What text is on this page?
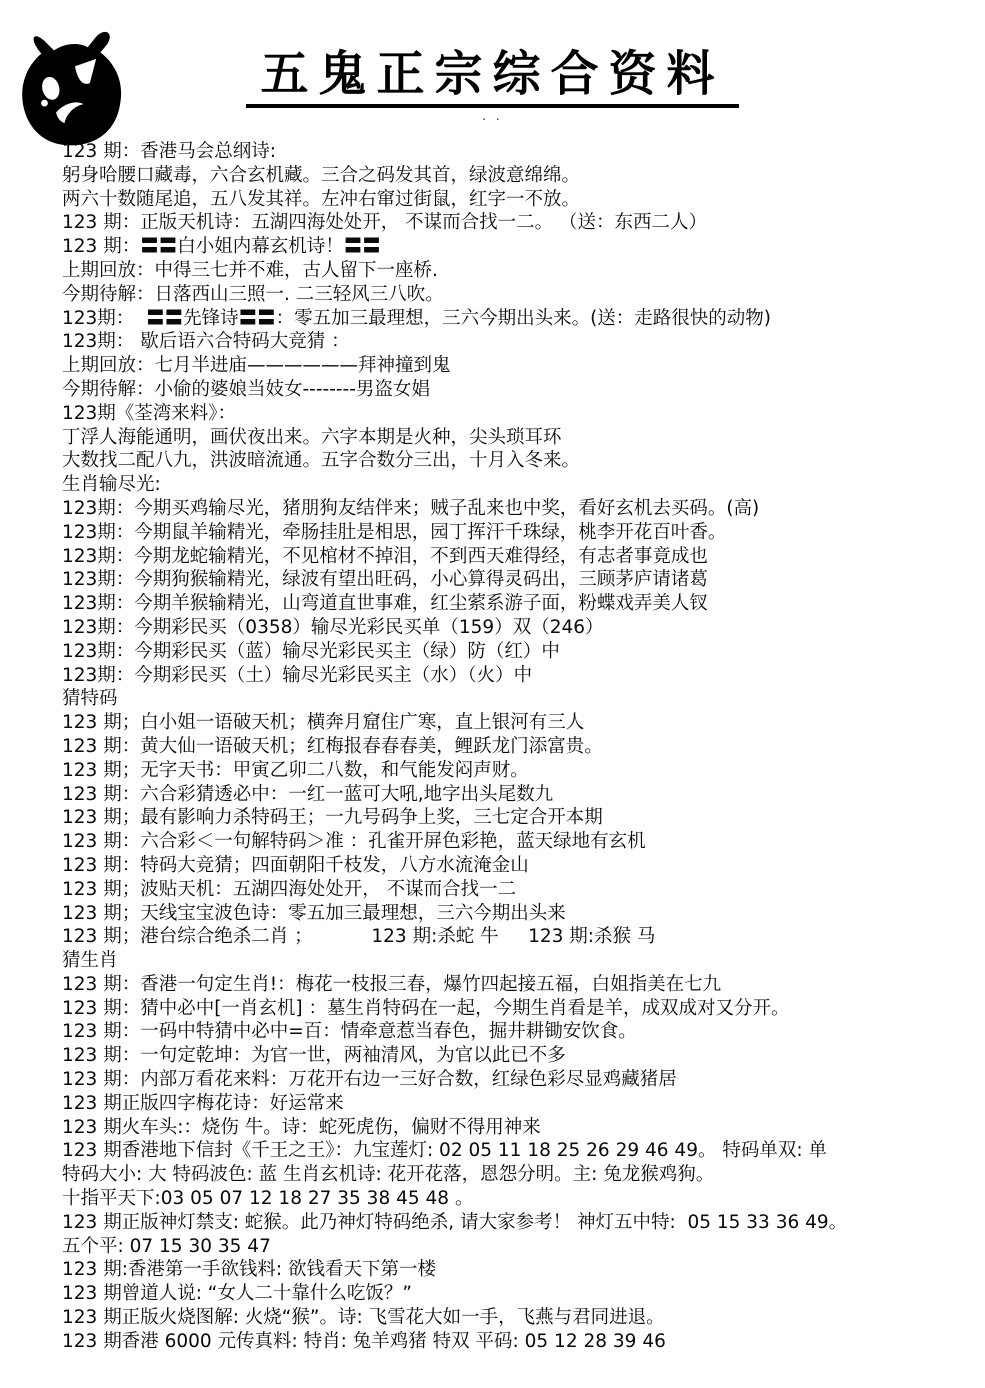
五鬼正宗综合资料
. .
123 期：香港马会总纲诗:
躬身哈腰口藏毒，六合玄机藏。三合之码发其首，绿波意绵绵。
两六十数随尾追，五八发其祥。左冲右窜过街鼠，红字一不放。
123 期：正版天机诗：五湖四海处处开， 不谋而合找一二。 （送：东西二人）
123 期：〓〓白小姐内幕玄机诗！〓〓
上期回放：中得三七并不难，古人留下一座桥.
今期待解：日落西山三照一. 二三轻风三八吹。
123期：  〓〓先锋诗〓〓：零五加三最理想，三六今期出头来。(送：走路很快的动物)
123期： 歇后语六合特码大竞猜 ：
上期回放：七月半进庙——————拜神撞到鬼
今期待解：小偷的婆娘当妓女--------男盗女娼
123期《荃湾来料》：
丁浮人海能通明，画伏夜出来。六字本期是火种，尖头琐耳环
大数找二配八九，洪波暗流通。五字合数分三出，十月入冬来。
生肖输尽光:
123期：今期买鸡输尽光，猪朋狗友结伴来；贼子乱来也中奖，看好玄机去买码。(高)
123期：今期鼠羊输精光，牵肠挂肚是相思，园丁挥汗千珠绿，桃李开花百叶香。
123期：今期龙蛇输精光，不见棺材不掉泪，不到西天难得经，有志者事竟成也
123期：今期狗猴输精光，绿波有望出旺码，小心算得灵码出，三顾茅庐请诸葛
123期：今期羊猴输精光，山弯道直世事难，红尘萦系游子面，粉蝶戏弄美人钗
123期：今期彩民买（0358）输尽光彩民买单（159）双（246）
123期：今期彩民买（蓝）输尽光彩民买主（绿）防（红）中
123期：今期彩民买（土）输尽光彩民买主（水）（火）中
猜特码
123 期；白小姐一语破天机；横奔月窟住广寒，直上银河有三人
123 期：黄大仙一语破天机；红梅报春春春美，鲤跃龙门添富贵。
123 期；无字天书：甲寅乙卯二八数，和气能发闷声财。
123 期：六合彩猜透必中：一红一蓝可大吼,地字出头尾数九
123 期；最有影响力杀特码王；一九号码争上奖，三七定合开本期
123 期：六合彩＜一句解特码＞准 ：孔雀开屏色彩艳，蓝天绿地有玄机
123 期：特码大竞猜；四面朝阳千枝发，八方水流淹金山
123 期；波贴天机：五湖四海处处开， 不谋而合找一二
123 期；天线宝宝波色诗：零五加三最理想，三六今期出头来
123 期；港台综合绝杀二肖 ；          123 期:杀蛇 牛     123 期:杀猴 马
猜生肖
123 期：香港一句定生肖!：梅花一枝报三春，爆竹四起接五福，白姐指美在七九
123 期：猜中必中[一肖玄机] ：墓生肖特码在一起，今期生肖看是羊，成双成对又分开。
123 期：一码中特猜中必中=百：情牵意惹当春色，掘井耕锄安饮食。
123 期：一句定乾坤：为官一世，两袖清风，为官以此已不多
123 期：内部万看花来料：万花开右边一三好合数，红绿色彩尽显鸡藏猪居
123 期正版四字梅花诗：好运常来
123 期火车头:：烧伤 牛。诗：蛇死虎伤，偏财不得用神来
123 期香港地下信封《千王之王》：九宝莲灯: 02 05 11 18 25 26 29 46 49。 特码单双: 单
特码大小: 大 特码波色: 蓝 生肖玄机诗: 花开花落，恩怨分明。主: 兔龙猴鸡狗。
十指平天下:03 05 07 12 18 27 35 38 45 48 。
123 期正版神灯禁支: 蛇猴。此乃神灯特码绝杀, 请大家参考！ 神灯五中特:  05 15 33 36 49。
五个平: 07 15 30 35 47
123 期:香港第一手欲钱料: 欲钱看天下第一楼
123 期曾道人说: “女人二十靠什么吃饭？”
123 期正版火烧图解: 火烧“猴”。诗: 飞雪花大如一手，飞燕与君同进退。
123 期香港 6000 元传真料: 特肖: 兔羊鸡猪 特双 平码: 05 12 28 39 46
